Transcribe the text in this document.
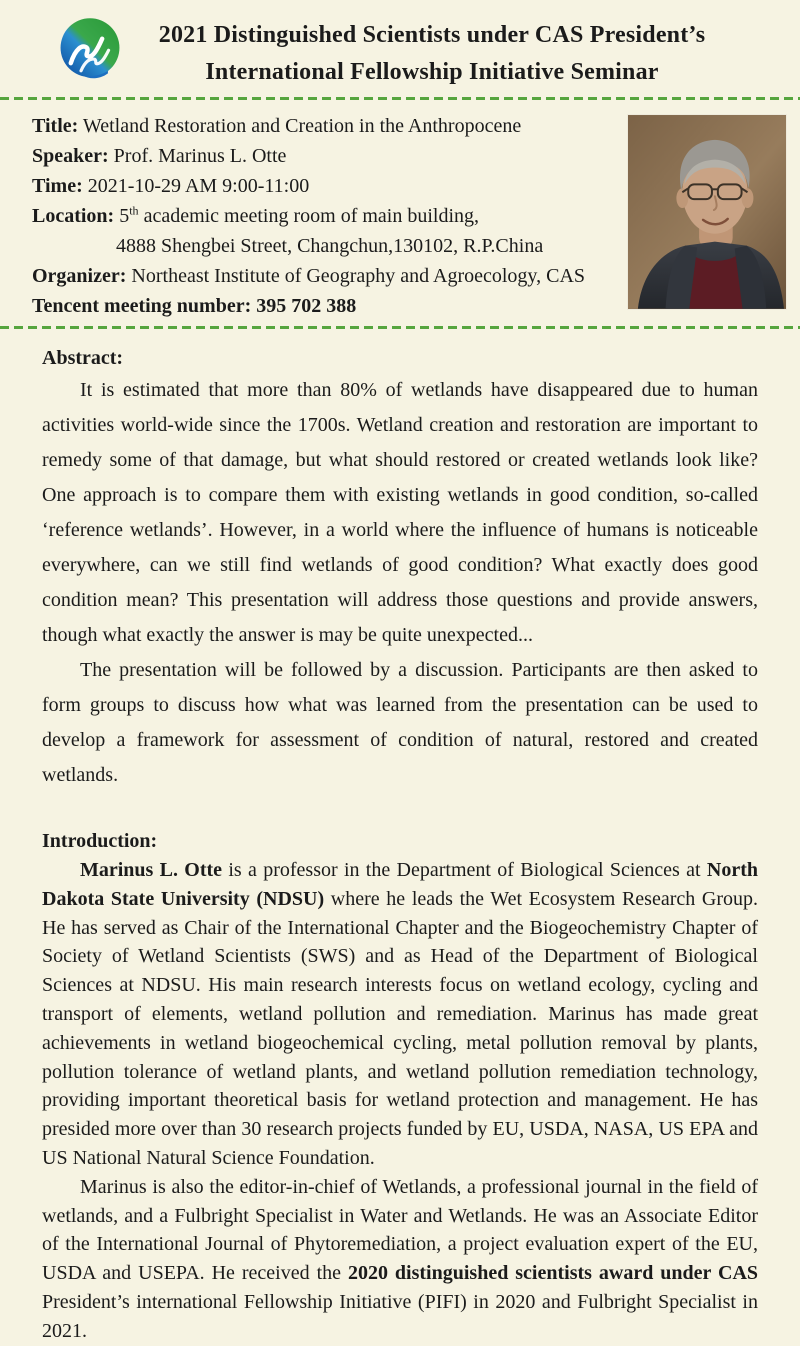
2021 Distinguished Scientists under CAS President’s
International Fellowship Initiative Seminar
Title: Wetland Restoration and Creation in the Anthropocene
Speaker: Prof. Marinus L. Otte
Time: 2021-10-29 AM 9:00-11:00
Location: 5th academic meeting room of main building,
4888 Shengbei Street, Changchun,130102, R.P.China
Organizer: Northeast Institute of Geography and Agroecology, CAS
Tencent meeting number: 395 702 388
Abstract:

It is estimated that more than 80% of wetlands have disappeared due to human activities world-wide since the 1700s. Wetland creation and restoration are important to remedy some of that damage, but what should restored or created wetlands look like? One approach is to compare them with existing wetlands in good condition, so-called ‘reference wetlands’. However, in a world where the influence of humans is noticeable everywhere, can we still find wetlands of good condition? What exactly does good condition mean? This presentation will address those questions and provide answers, though what exactly the answer is may be quite unexpected...

The presentation will be followed by a discussion. Participants are then asked to form groups to discuss how what was learned from the presentation can be used to develop a framework for assessment of condition of natural, restored and created wetlands.

Introduction:

Marinus L. Otte is a professor in the Department of Biological Sciences at North Dakota State University (NDSU) where he leads the Wet Ecosystem Research Group. He has served as Chair of the International Chapter and the Biogeochemistry Chapter of Society of Wetland Scientists (SWS) and as Head of the Department of Biological Sciences at NDSU. His main research interests focus on wetland ecology, cycling and transport of elements, wetland pollution and remediation. Marinus has made great achievements in wetland biogeochemical cycling, metal pollution removal by plants, pollution tolerance of wetland plants, and wetland pollution remediation technology, providing important theoretical basis for wetland protection and management. He has presided more over than 30 research projects funded by EU, USDA, NASA, US EPA and US National Natural Science Foundation.

Marinus is also the editor-in-chief of Wetlands, a professional journal in the field of wetlands, and a Fulbright Specialist in Water and Wetlands. He was an Associate Editor of the International Journal of Phytoremediation, a project evaluation expert of the EU, USDA and USEPA. He received the 2020 distinguished scientists award under CAS President’s international Fellowship Initiative (PIFI) in 2020 and Fulbright Specialist in 2021.
